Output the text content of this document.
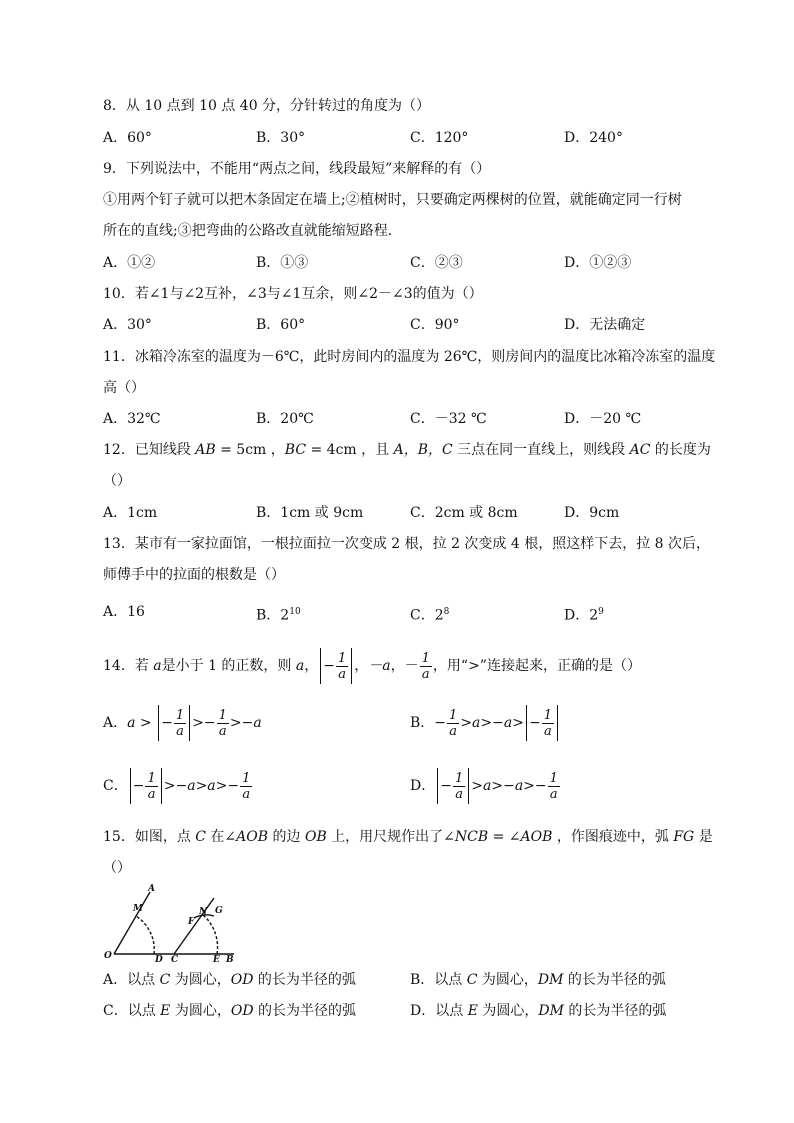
8．从 10 点到 10 点 40 分，分针转过的角度为（）
A．60°	B．30°	C．120°	D．240°
9．下列说法中，不能用“两点之间，线段最短”来解释的有（）
①用两个钉子就可以把木条固定在墙上;②植树时，只要确定两棵树的位置，就能确定同一行树
所在的直线;③把弯曲的公路改直就能缩短路程．
A．①②	B．①③	C．②③	D．①②③
10．若∠1与∠2互补，∠3与∠1互余，则∠2－∠3的值为（）
A．30°	B．60°	C．90°	D．无法确定
11．冰箱冷冻室的温度为－6℃，此时房间内的温度为 26℃，则房间内的温度比冰箱冷冻室的温度
高（）
A．32℃	B．20℃	C．－32 ℃	D．－20 ℃
12．已知线段 AB = 5cm ，BC = 4cm ，且 A，B，C 三点在同一直线上，则线段 AC 的长度为
（）
A．1cm	B．1cm 或 9cm	C．2cm 或 8cm	D．9cm
13．某市有一家拉面馆，一根拉面拉一次变成 2 根，拉 2 次变成 4 根，照这样下去，拉 8 次后，
师傅手中的拉面的根数是（）
A．16	B．$2^{10}$	C．$2^8$	D．$2^9$
14．若 a是小于 1 的正数，则 a， − $\frac{1}{a}$ ，－a，－ $\frac{1}{a}$ ，用“>”连接起来，正确的是（）
A．a > − $\frac{1}{a} >- \frac{1}{a} >-a$	B．− $\frac{1}{a} >a>-a> - \frac{1}{a}$
C． − $\frac{1}{a} >-a>a>- \frac{1}{a}$	D． − $\frac{1}{a} >a>-a>- \frac{1}{a}$
15．如图，点 C 在∠AOB 的边 OB 上，用尺规作出了∠NCB = ∠AOB ，作图痕迹中，弧 FG 是
（）
A
M	N G
F
O	D C	E B
A．以点 C 为圆心，OD 的长为半径的弧	B．以点 C 为圆心，DM 的长为半径的弧
C．以点 E 为圆心，OD 的长为半径的弧	D．以点 E 为圆心，DM 的长为半径的弧
